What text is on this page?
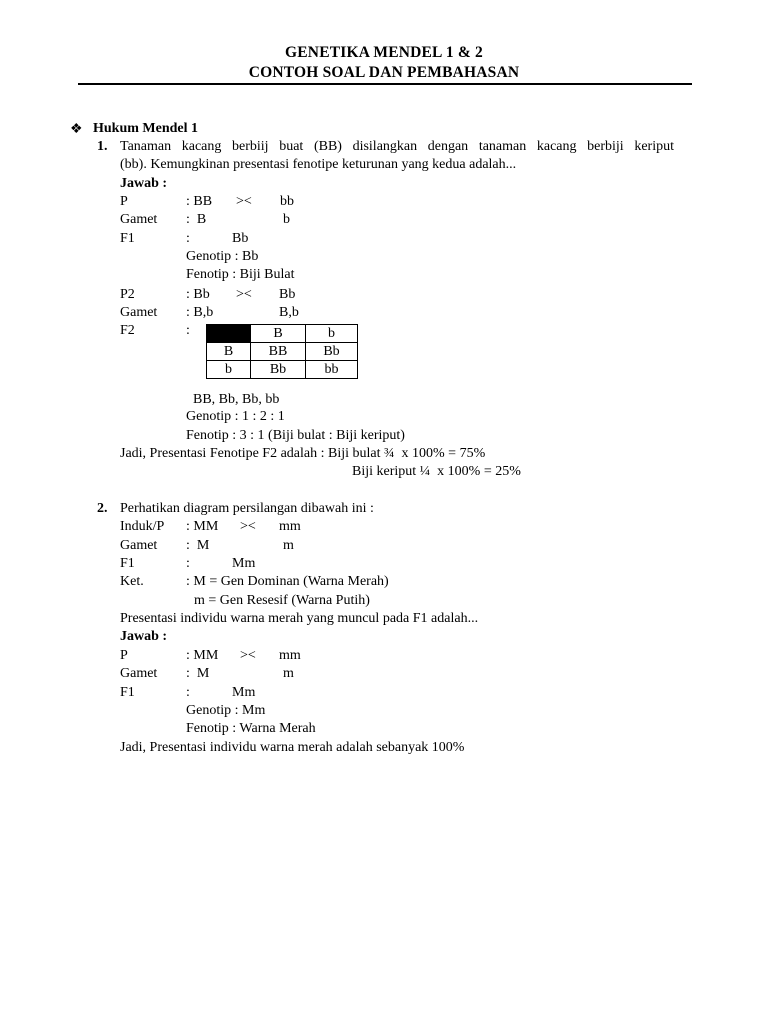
GENETIKA MENDEL 1 & 2
CONTOH SOAL DAN PEMBAHASAN
❖ Hukum Mendel 1
1. Tanaman kacang berbiij buat (BB) disilangkan dengan tanaman kacang berbiji keriput
(bb). Kemungkinan presentasi fenotipe keturunan yang kedua adalah...
Jawab :
P	: BB >< bb
Gamet :  B	b
F1	:	Bb
Genotip : Bb
Fenotip : Biji Bulat
P2	: Bb >< Bb
Gamet : B,b	B,b
F2	:
		B	b
B	BB	Bb
b	Bb	bb
BB, Bb, Bb, bb
Genotip : 1 : 2 : 1
Fenotip : 3 : 1 (Biji bulat : Biji keriput)
Jadi, Presentasi Fenotipe F2 adalah : Biji bulat ¾  x 100% = 75%
Biji keriput ¼  x 100% = 25%
2. Perhatikan diagram persilangan dibawah ini :
Induk/P : MM >< mm
Gamet :  M	m
F1	:	Mm
Ket.	: M = Gen Dominan (Warna Merah)
m = Gen Resesif (Warna Putih)
Presentasi individu warna merah yang muncul pada F1 adalah...
Jawab :
P	: MM >< mm
Gamet :  M	m
F1	:	Mm
Genotip : Mm
Fenotip : Warna Merah
Jadi, Presentasi individu warna merah adalah sebanyak 100%
